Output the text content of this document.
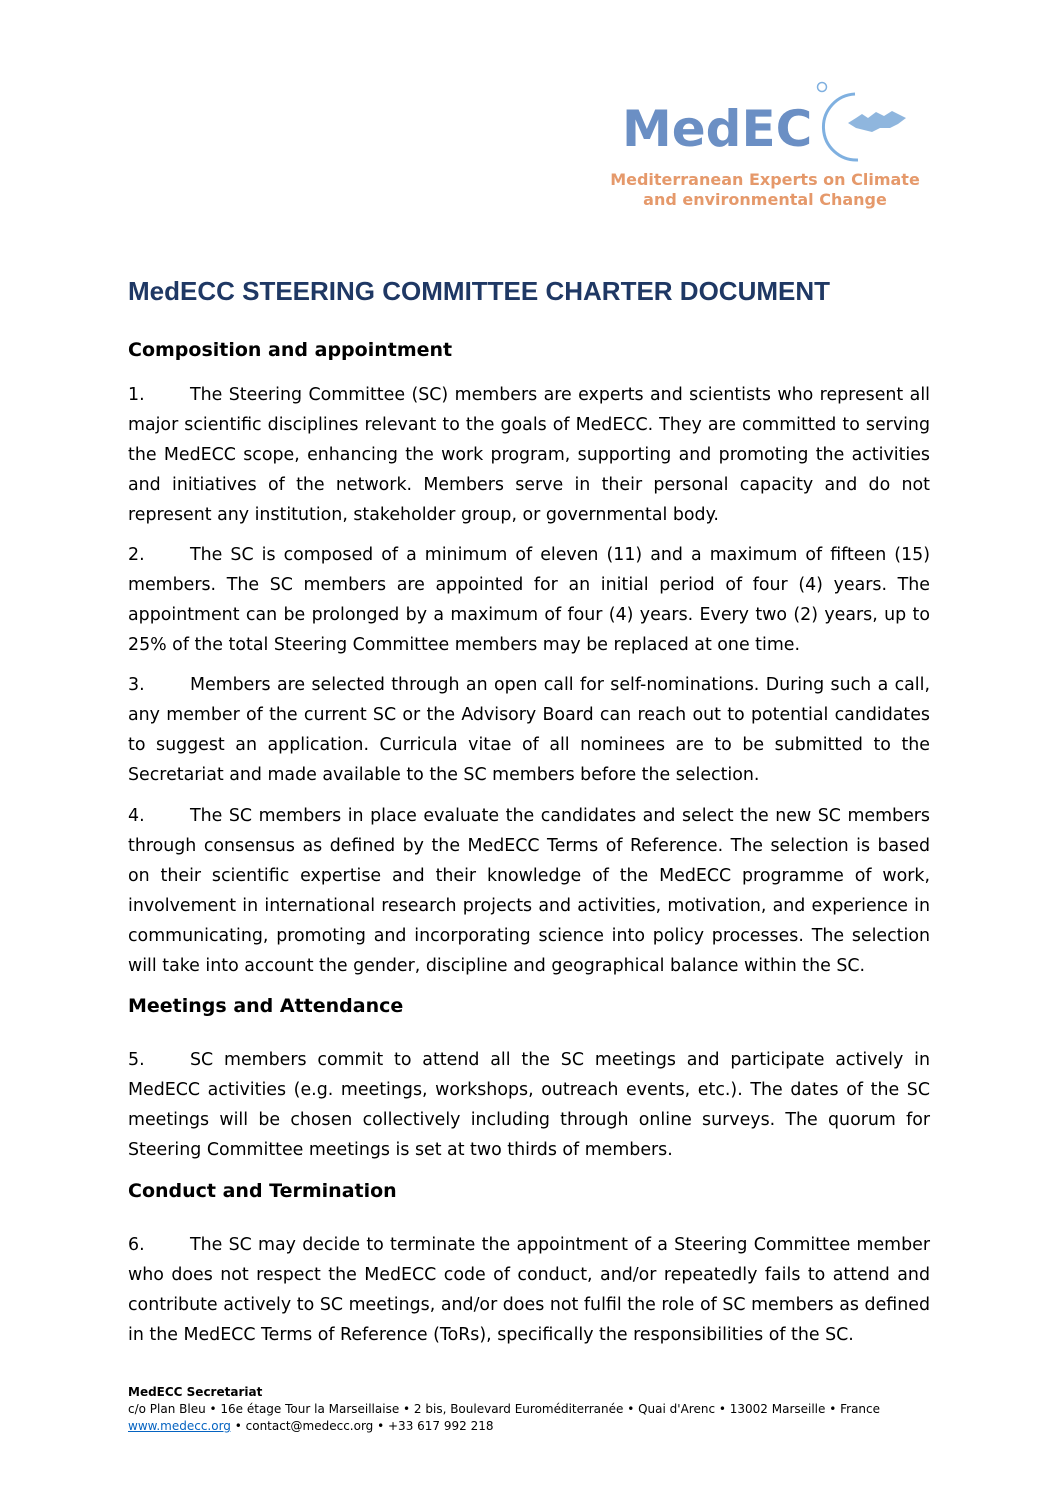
MedEC
Mediterranean Experts on Climate
and environmental Change
MedECC STEERING COMMITTEE CHARTER DOCUMENT
Composition and appointment

1.	The Steering Committee (SC) members are experts and scientists who represent all major scientific disciplines relevant to the goals of MedECC. They are committed to serving the MedECC scope, enhancing the work program, supporting and promoting the activities and initiatives of the network. Members serve in their personal capacity and do not represent any institution, stakeholder group, or governmental body.

2.	The SC is composed of a minimum of eleven (11) and a maximum of fifteen (15) members. The SC members are appointed for an initial period of four (4) years. The appointment can be prolonged by a maximum of four (4) years. Every two (2) years, up to 25% of the total Steering Committee members may be replaced at one time.

3.	Members are selected through an open call for self-nominations. During such a call, any member of the current SC or the Advisory Board can reach out to potential candidates to suggest an application. Curricula vitae of all nominees are to be submitted to the Secretariat and made available to the SC members before the selection.

4.	The SC members in place evaluate the candidates and select the new SC members through consensus as defined by the MedECC Terms of Reference. The selection is based on their scientific expertise and their knowledge of the MedECC programme of work, involvement in international research projects and activities, motivation, and experience in communicating, promoting and incorporating science into policy processes. The selection will take into account the gender, discipline and geographical balance within the SC.

Meetings and Attendance

5.	SC members commit to attend all the SC meetings and participate actively in MedECC activities (e.g. meetings, workshops, outreach events, etc.). The dates of the SC meetings will be chosen collectively including through online surveys. The quorum for Steering Committee meetings is set at two thirds of members.

Conduct and Termination

6.	The SC may decide to terminate the appointment of a Steering Committee member who does not respect the MedECC code of conduct, and/or repeatedly fails to attend and contribute actively to SC meetings, and/or does not fulfil the role of SC members as defined in the MedECC Terms of Reference (ToRs), specifically the responsibilities of the SC.

MedECC Secretariat
c/o Plan Bleu • 16e étage Tour la Marseillaise • 2 bis, Boulevard Euroméditerranée • Quai d'Arenc • 13002 Marseille • France
www.medecc.org • contact@medecc.org • +33 617 992 218
